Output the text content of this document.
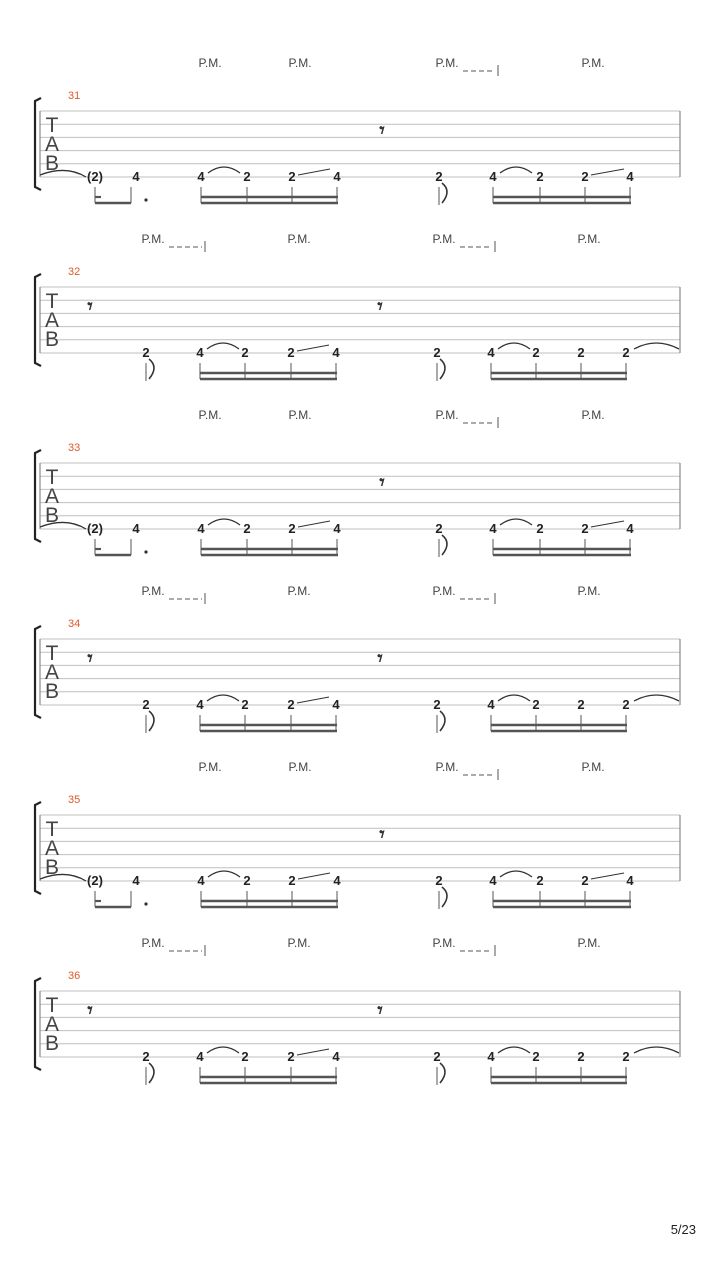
P.M.	P.M.	P.M.	P.M.
31
T
A
B
𝄾
(2) 4	4	2	2	4	2	4	2	2	4
P.M.	P.M.	P.M.	P.M.
32
T
A
B
𝄾	𝄾
2	4	2	2	4	2	4	2	2	2
P.M.	P.M.	P.M.	P.M.
33
T
A
B
𝄾
(2) 4	4	2	2	4	2	4	2	2	4
P.M.	P.M.	P.M.	P.M.
34
T
A
B
𝄾	𝄾
2	4	2	2	4	2	4	2	2	2
P.M.	P.M.	P.M.	P.M.
35
T
A
B
𝄾
(2) 4	4	2	2	4	2	4	2	2	4
P.M.	P.M.	P.M.	P.M.
36
T
A
B
𝄾	𝄾
2	4	2	2	4	2	4	2	2	2
5/23
